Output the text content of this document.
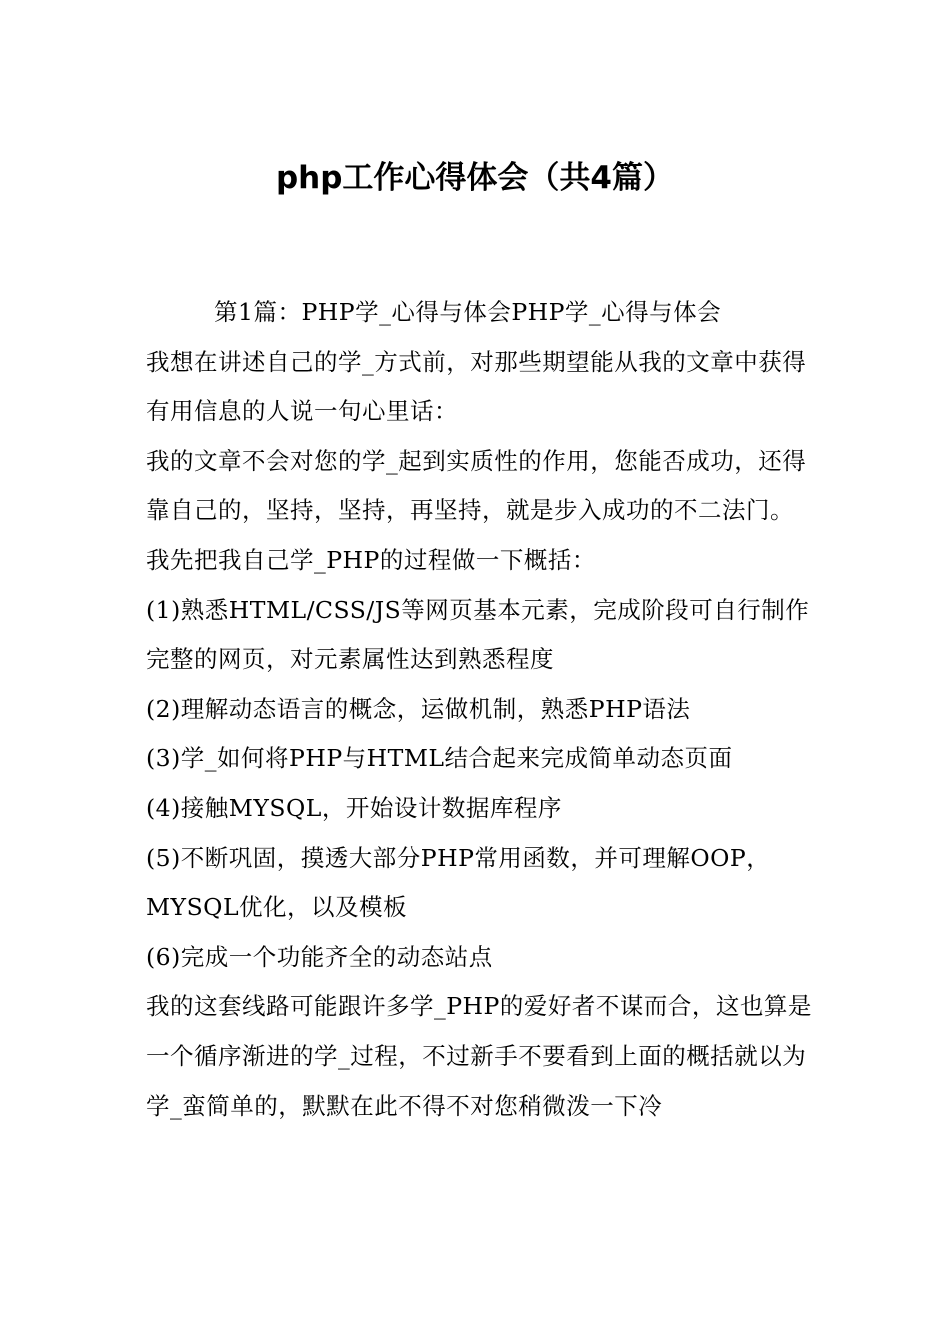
php工作心得体会（共4篇）

第1篇：PHP学_心得与体会PHP学_心得与体会

我想在讲述自己的学_方式前，对那些期望能从我的文章中获得有用信息的人说一句心里话：

我的文章不会对您的学_起到实质性的作用，您能否成功，还得靠自己的，坚持，坚持，再坚持，就是步入成功的不二法门。

我先把我自己学_PHP的过程做一下概括：

(1)熟悉HTML/CSS/JS等网页基本元素，完成阶段可自行制作完整的网页，对元素属性达到熟悉程度

(2)理解动态语言的概念，运做机制，熟悉PHP语法

(3)学_如何将PHP与HTML结合起来完成简单动态页面

(4)接触MYSQL，开始设计数据库程序

(5)不断巩固，摸透大部分PHP常用函数，并可理解OOP，MYSQL优化，以及模板

(6)完成一个功能齐全的动态站点

我的这套线路可能跟许多学_PHP的爱好者不谋而合，这也算是一个循序渐进的学_过程，不过新手不要看到上面的概括就以为学_蛮简单的，默默在此不得不对您稍微泼一下冷
